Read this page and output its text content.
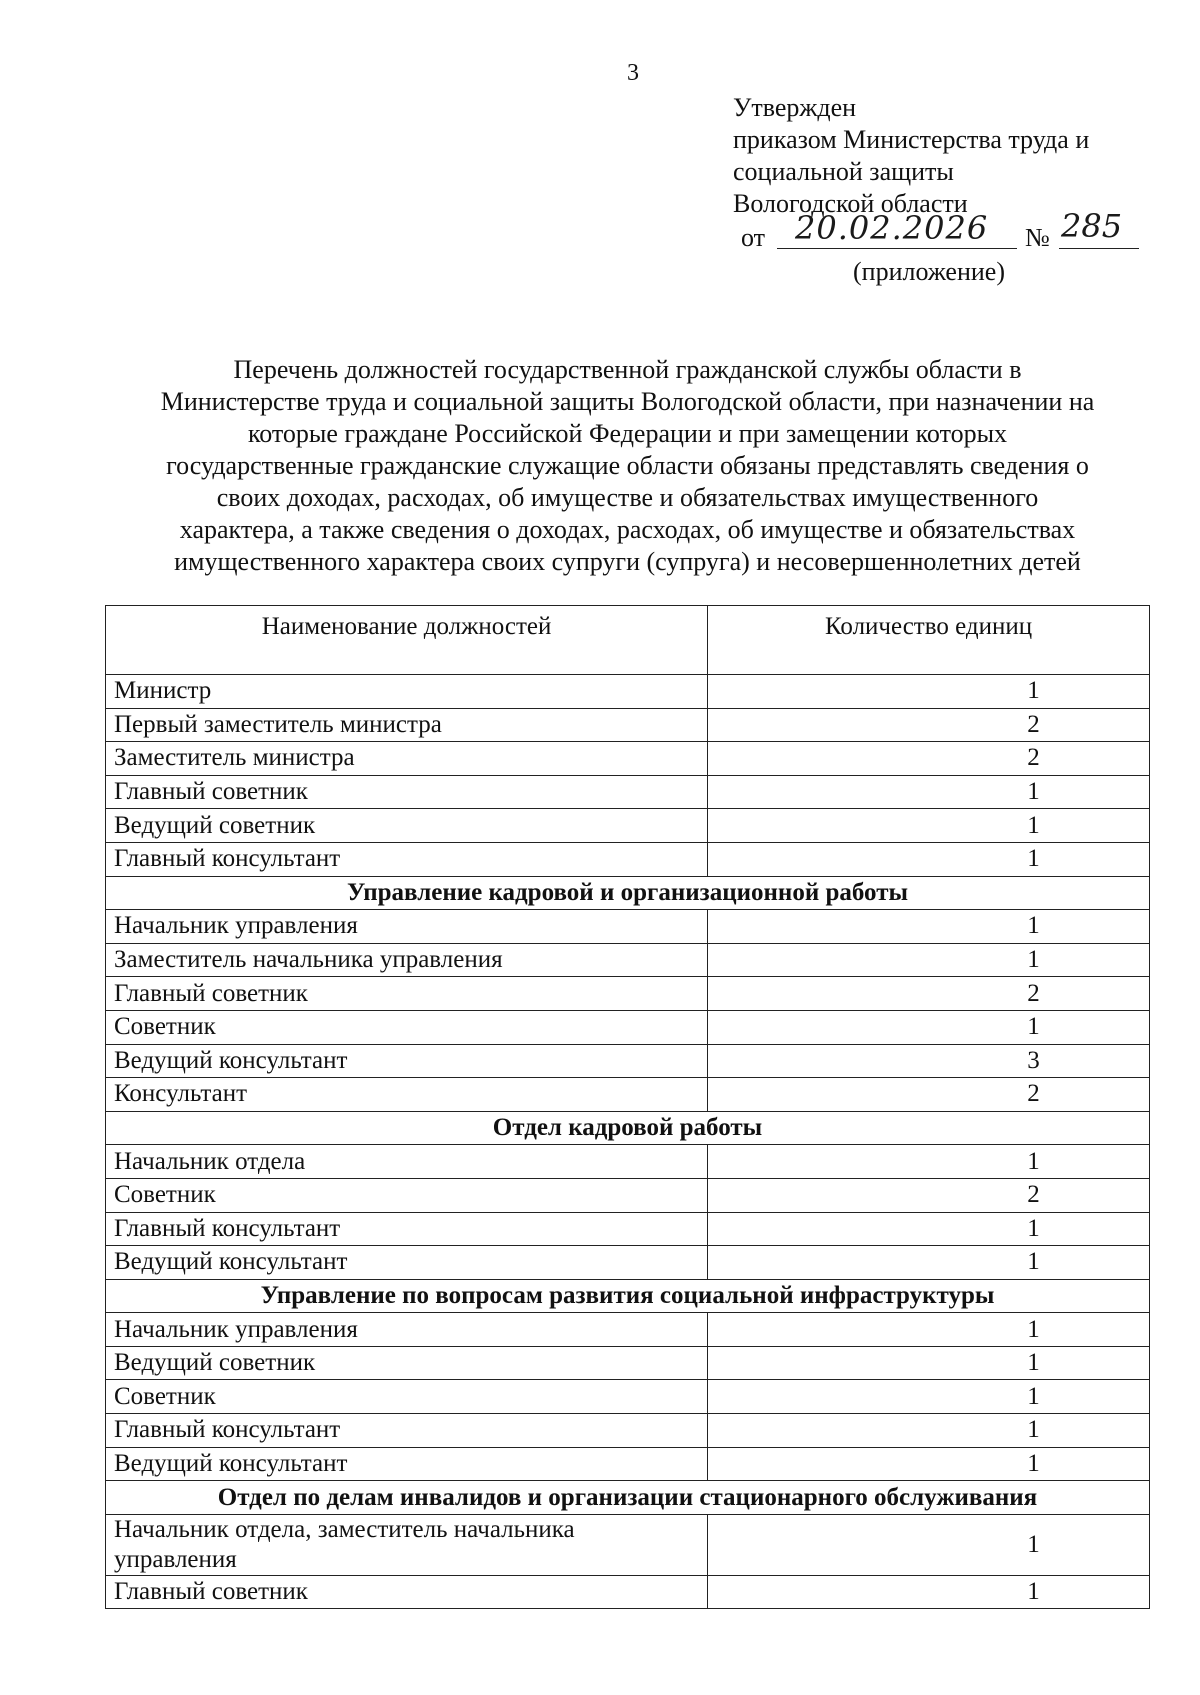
3
Утвержден
приказом Министерства труда и
социальной защиты
Вологодской области
от 20.02.2026 № 285
(приложение)
Перечень должностей государственной гражданской службы области в
Министерстве труда и социальной защиты Вологодской области, при назначении на
которые граждане Российской Федерации и при замещении которых
государственные гражданские служащие области обязаны представлять сведения о
своих доходах, расходах, об имуществе и обязательствах имущественного
характера, а также сведения о доходах, расходах, об имуществе и обязательствах
имущественного характера своих супруги (супруга) и несовершеннолетних детей
Наименование должностей	Количество единиц
Министр	1
Первый заместитель министра	2
Заместитель министра	2
Главный советник	1
Ведущий советник	1
Главный консультант	1
Управление кадровой и организационной работы	
Начальник управления	1
Заместитель начальника управления	1
Главный советник	2
Советник	1
Ведущий консультант	3
Консультант	2
Отдел кадровой работы	
Начальник отдела	1
Советник	2
Главный консультант	1
Ведущий консультант	1
Управление по вопросам развития социальной инфраструктуры	
Начальник управления	1
Ведущий советник	1
Советник	1
Главный консультант	1
Ведущий консультант	1
Отдел по делам инвалидов и организации стационарного обслуживания	
Начальник отдела, заместитель начальника управления	1
Главный советник	1
